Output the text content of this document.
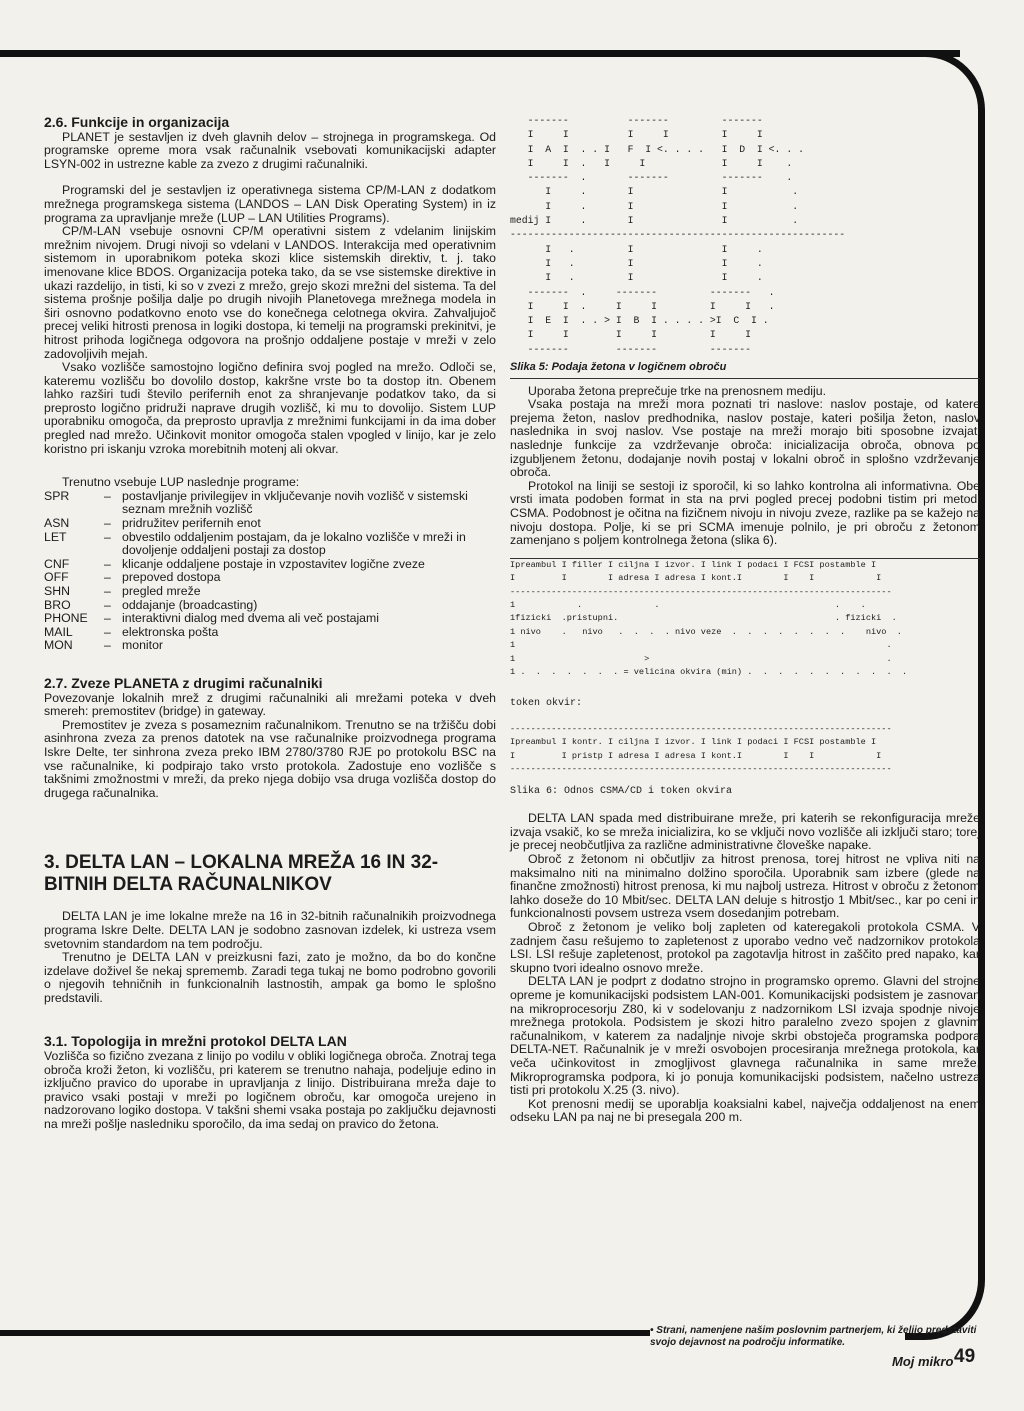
2.6. Funkcije in organizacija

PLANET je sestavljen iz dveh glavnih delov – strojnega in programskega. Od programske opreme mora vsak računalnik vsebovati komunikacijski adapter LSYN-002 in ustrezne kable za zvezo z drugimi računalniki.

Programski del je sestavljen iz operativnega sistema CP/M-LAN z dodatkom mrežnega programskega sistema (LANDOS – LAN Disk Operating System) in iz programa za upravljanje mreže (LUP – LAN Utilities Programs).

CP/M-LAN vsebuje osnovni CP/M operativni sistem z vdelanim linijskim mrežnim nivojem. Drugi nivoji so vdelani v LANDOS. Interakcija med operativnim sistemom in uporabnikom poteka skozi klice sistemskih direktiv, t. j. tako imenovane klice BDOS. Organizacija poteka tako, da se vse sistemske direktive in ukazi razdelijo, in tisti, ki so v zvezi z mrežo, grejo skozi mrežni del sistema. Ta del sistema prošnje pošilja dalje po drugih nivojih Planetovega mrežnega modela in širi osnovno podatkovno enoto vse do konečnega celotnega okvira. Zahvaljujoč precej veliki hitrosti prenosa in logiki dostopa, ki temelji na programski prekinitvi, je hitrost prihoda logičnega odgovora na prošnjo oddaljene postaje v mreži v zelo zadovoljivih mejah.

Vsako vozlišče samostojno logično definira svoj pogled na mrežo. Odloči se, kateremu vozlišču bo dovolilo dostop, kakršne vrste bo ta dostop itn. Obenem lahko razširi tudi število perifernih enot za shranjevanje podatkov tako, da si preprosto logično pridruži naprave drugih vozlišč, ki mu to dovolijo. Sistem LUP uporabniku omogoča, da preprosto upravlja z mrežnimi funkcijami in da ima dober pregled nad mrežo. Učinkovit monitor omogoča stalen vpogled v linijo, kar je zelo koristno pri iskanju vzroka morebitnih motenj ali okvar.

Trenutno vsebuje LUP naslednje programe:

SPR	– postavljanje privilegijev in vključevanje novih vozlišč v sistemski seznam mrežnih vozlišč
ASN	– pridružitev perifernih enot
LET	– obvestilo oddaljenim postajam, da je lokalno vozlišče v mreži in dovoljenje oddaljeni postaji za dostop
CNF	– klicanje oddaljene postaje in vzpostavitev logične zveze
OFF	– prepoved dostopa
SHN	– pregled mreže
BRO	– oddajanje (broadcasting)
PHONE	– interaktivni dialog med dvema ali več postajami
MAIL	– elektronska pošta
MON	– monitor
2.7. Zveze PLANETA z drugimi računalniki

Povezovanje lokalnih mrež z drugimi računalniki ali mrežami poteka v dveh smereh: premostitev (bridge) in gateway.

Premostitev je zveza s posameznim računalnikom. Trenutno se na tržišču dobi asinhrona zveza za prenos datotek na vse računalnike proizvodnega programa Iskre Delte, ter sinhrona zveza preko IBM 2780/3780 RJE po protokolu BSC na vse računalnike, ki podpirajo tako vrsto protokola. Zadostuje eno vozlišče s takšnimi zmožnostmi v mreži, da preko njega dobijo vsa druga vozlišča dostop do drugega računalnika.

3. DELTA LAN – LOKALNA MREŽA 16 IN 32-BITNIH DELTA RAČUNALNIKOV

DELTA LAN je ime lokalne mreže na 16 in 32-bitnih računalnikih proizvodnega programa Iskre Delte. DELTA LAN je sodobno zasnovan izdelek, ki ustreza vsem svetovnim standardom na tem področju.

Trenutno je DELTA LAN v preizkusni fazi, zato je možno, da bo do končne izdelave doživel še nekaj sprememb. Zaradi tega tukaj ne bomo podrobno govorili o njegovih tehničnih in funkcionalnih lastnostih, ampak ga bomo le splošno predstavili.

3.1. Topologija in mrežni protokol DELTA LAN

Vozlišča so fizično zvezana z linijo po vodilu v obliki logičnega obroča. Znotraj tega obroča kroži žeton, ki vozlišču, pri katerem se trenutno nahaja, podeljuje edino in izključno pravico do uporabe in upravljanja z linijo. Distribuirana mreža daje to pravico vsaki postaji v mreži po logičnem obroču, kar omogoča urejeno in nadzorovano logiko dostopa. V takšni shemi vsaka postaja po zaključku dejavnosti na mreži pošlje nasledniku sporočilo, da ima sedaj on pravico do žetona.

-------          -------         -------
I     I          I     I         I     I
I  A  I  . . I   F  I <. . . .   I  D  I <. . .
I     I  .   I     I             I     I    .
-------  .       -------         -------    .
I     .       I               I           .
I     .       I               I           .
medij I     .       I               I           .
---------------------------------------------------------
I   .         I               I     .
I   .         I               I     .
I   .         I               I     .
-------  .     -------         -------   .
I     I  .     I     I         I     I   .
I  E  I  . . > I  B  I . . . . >I  C  I .
I     I        I     I         I     I
-------        -------         -------
Slika 5: Podaja žetona v logičnem obroču

Uporaba žetona preprečuje trke na prenosnem mediju.

Vsaka postaja na mreži mora poznati tri naslove: naslov postaje, od katere prejema žeton, naslov predhodnika, naslov postaje, kateri pošilja žeton, naslov naslednika in svoj naslov. Vse postaje na mreži morajo biti sposobne izvajati naslednje funkcije za vzdrževanje obroča: inicializacija obroča, obnova po izgubljenem žetonu, dodajanje novih postaj v lokalni obroč in splošno vzdrževanje obroča.

Protokol na liniji se sestoji iz sporočil, ki so lahko kontrolna ali informativna. Obe vrsti imata podoben format in sta na prvi pogled precej podobni tistim pri metodi CSMA. Podobnost je očitna na fizičnem nivoju in nivoju zveze, razlike pa se kažejo na nivoju dostopa. Polje, ki se pri SCMA imenuje polnilo, je pri obroču z žetonom zamenjano s poljem kontrolnega žetona (slika 6).

Ipreambul I filler I ciljna I izvor. I link I podaci I FCSI postamble I
I         I        I adresa I adresa I kont.I        I    I            I
--------------------------------------------------------------------------
1            .              .                                  .    .
1fizicki  .pristupni.                                          . fizicki  .
1 nivo    .   nivo   .  .  .  . nivo veze  .  .  .  .  .  .  .  .    nivo  .
1                                                                        .
1                         >                                              .
1 .  .  .  .  .  .  . = velicina okvira (min) .  .  .  .  .  .  .  .  .  .  .
token okvir:
--------------------------------------------------------------------------
Ipreambul I kontr. I ciljna I izvor. I link I podaci I FCSI postamble I
I         I pristp I adresa I adresa I kont.I        I    I            I
--------------------------------------------------------------------------
Slika 6: Odnos CSMA/CD i token okvira

DELTA LAN spada med distribuirane mreže, pri katerih se rekonfiguracija mreže izvaja vsakič, ko se mreža inicializira, ko se vključi novo vozlišče ali izključi staro; torej je precej neobčutljiva za različne administrativne človeške napake.

Obroč z žetonom ni občutljiv za hitrost prenosa, torej hitrost ne vpliva niti na maksimalno niti na minimalno dolžino sporočila. Uporabnik sam izbere (glede na finančne zmožnosti) hitrost prenosa, ki mu najbolj ustreza. Hitrost v obroču z žetonom lahko doseže do 10 Mbit/sec. DELTA LAN deluje s hitrostjo 1 Mbit/sec., kar po ceni in funkcionalnosti povsem ustreza vsem dosedanjim potrebam.

Obroč z žetonom je veliko bolj zapleten od kateregakoli protokola CSMA. V zadnjem času rešujemo to zapletenost z uporabo vedno več nadzornikov protokola LSI. LSI rešuje zapletenost, protokol pa zagotavlja hitrost in zaščito pred napako, kar skupno tvori idealno osnovo mreže.

DELTA LAN je podprt z dodatno strojno in programsko opremo. Glavni del strojne opreme je komunikacijski podsistem LAN-001. Komunikacijski podsistem je zasnovan na mikroprocesorju Z80, ki v sodelovanju z nadzornikom LSI izvaja spodnje nivoje mrežnega protokola. Podsistem je skozi hitro paralelno zvezo spojen z glavnim računalnikom, v katerem za nadaljnje nivoje skrbi obstoječa programska podpora DELTA-NET. Računalnik je v mreži osvobojen procesiranja mrežnega protokola, kar veča učinkovitost in zmogljivost glavnega računalnika in same mreže. Mikroprogramska podpora, ki jo ponuja komunikacijski podsistem, načelno ustreza tisti pri protokolu X.25 (3. nivo).

Kot prenosni medij se uporablja koaksialni kabel, največja oddaljenost na enem odseku LAN pa naj ne bi presegala 200 m.

• Strani, namenjene našim poslovnim partnerjem, ki želijo predstaviti svojo dejavnost na področju informatike.
Moj mikro 49
